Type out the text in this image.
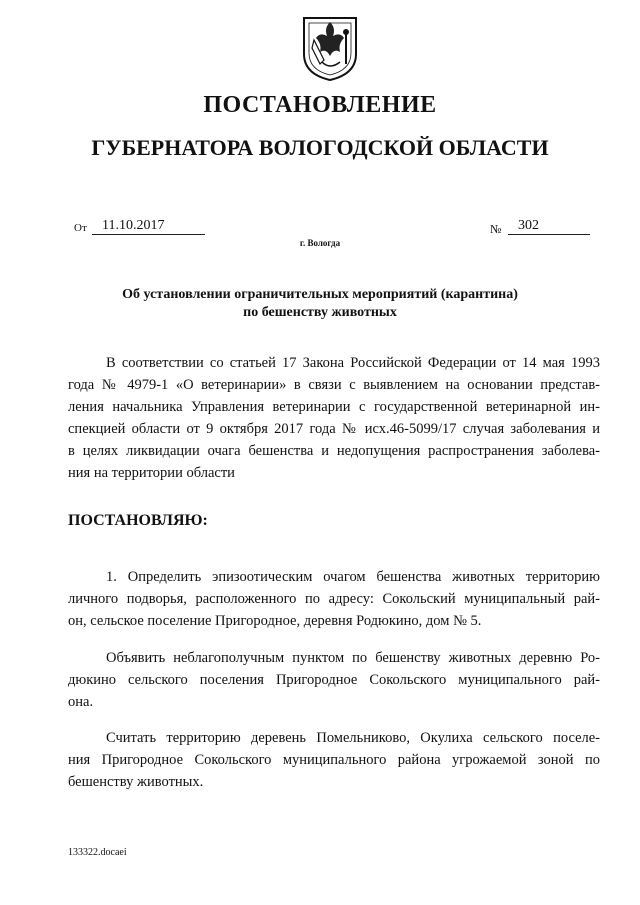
ПОСТАНОВЛЕНИЕ
ГУБЕРНАТОРА ВОЛОГОДСКОЙ ОБЛАСТИ
От	11.10.2017	№	302
г. Вологда
Об установлении ограничительных мероприятий (карантина)
по бешенству животных
В соответствии со статьей 17 Закона Российской Федерации от 14 мая 1993
года № 4979-1 «О ветеринарии» в связи с выявлением на основании представ-
ления начальника Управления ветеринарии с государственной ветеринарной ин-
спекцией области от 9 октября 2017 года № исх.46-5099/17 случая заболевания и
в целях ликвидации очага бешенства и недопущения распространения заболева-
ния на территории области
ПОСТАНОВЛЯЮ:
1. Определить эпизоотическим очагом бешенства животных территорию
личного подворья, расположенного по адресу: Сокольский муниципальный рай-
он, сельское поселение Пригородное, деревня Родюкино, дом № 5.
Объявить неблагополучным пунктом по бешенству животных деревню Ро-
дюкино сельского поселения Пригородное Сокольского муниципального рай-
она.
Считать территорию деревень Помельниково, Окулиха сельского поселе-
ния Пригородное Сокольского муниципального района угрожаемой зоной по
бешенству животных.
133322.docaei
